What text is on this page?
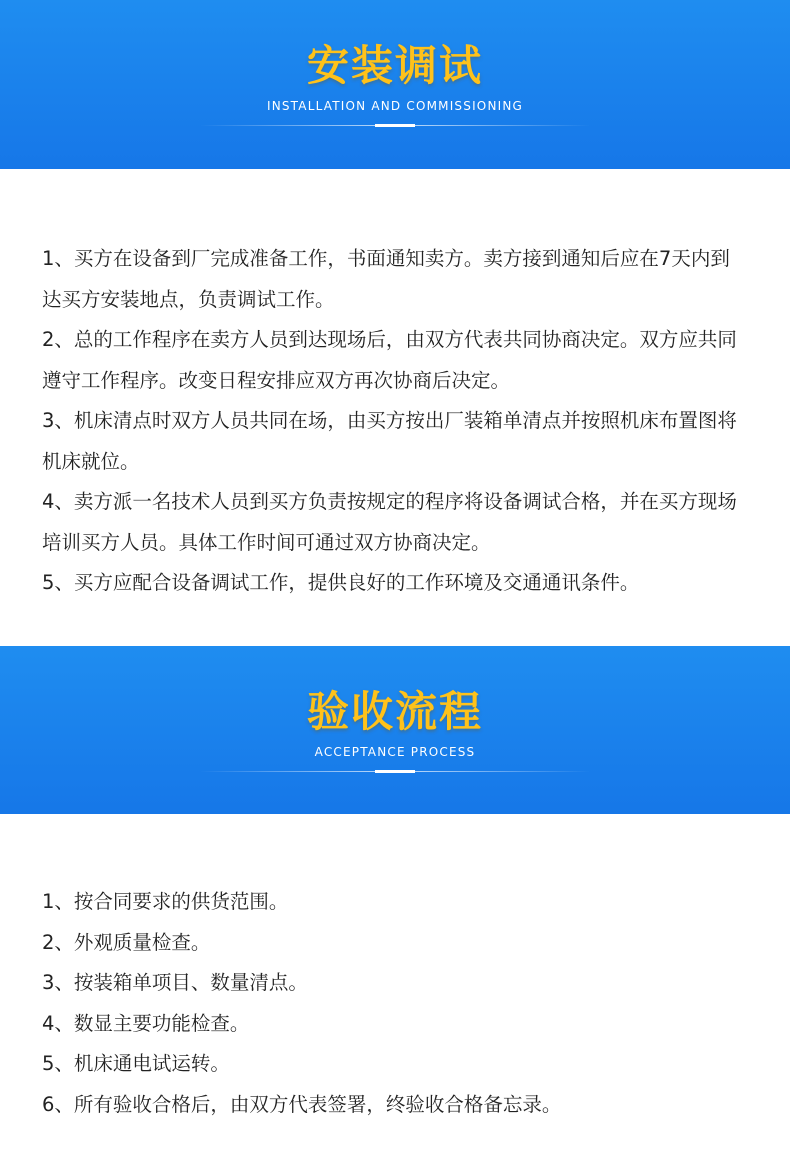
安装调试
INSTALLATION AND COMMISSIONING
1、买方在设备到厂完成准备工作，书面通知卖方。卖方接到通知后应在7天内到达买方安装地点，负责调试工作。
2、总的工作程序在卖方人员到达现场后，由双方代表共同协商决定。双方应共同遵守工作程序。改变日程安排应双方再次协商后决定。
3、机床清点时双方人员共同在场，由买方按出厂装箱单清点并按照机床布置图将机床就位。
4、卖方派一名技术人员到买方负责按规定的程序将设备调试合格，并在买方现场培训买方人员。具体工作时间可通过双方协商决定。
5、买方应配合设备调试工作，提供良好的工作环境及交通通讯条件。
验收流程
ACCEPTANCE PROCESS
1、按合同要求的供货范围。
2、外观质量检查。
3、按装箱单项目、数量清点。
4、数显主要功能检查。
5、机床通电试运转。
6、所有验收合格后，由双方代表签署，终验收合格备忘录。
